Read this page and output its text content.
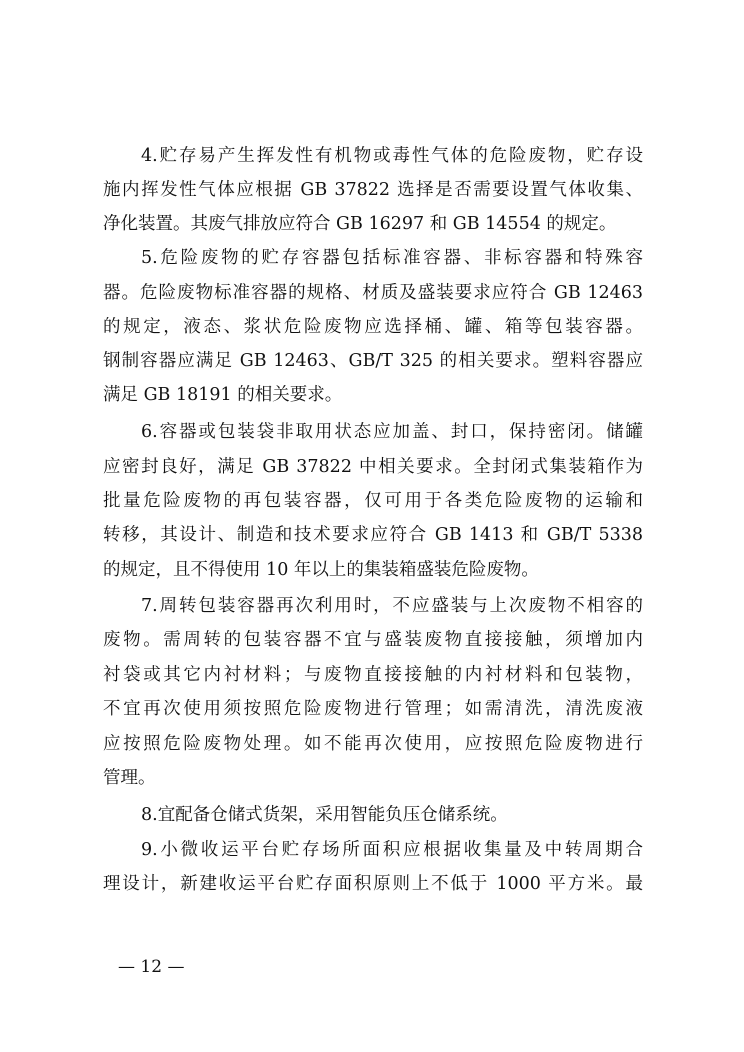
4.贮存易产生挥发性有机物或毒性气体的危险废物，贮存设
施内挥发性气体应根据 GB 37822 选择是否需要设置气体收集、
净化装置。其废气排放应符合 GB 16297 和 GB 14554 的规定。
5.危险废物的贮存容器包括标准容器、非标容器和特殊容
器。危险废物标准容器的规格、材质及盛装要求应符合 GB 12463
的规定，液态、浆状危险废物应选择桶、罐、箱等包装容器。
钢制容器应满足 GB 12463、GB/T 325 的相关要求。塑料容器应
满足 GB 18191 的相关要求。
6.容器或包装袋非取用状态应加盖、封口，保持密闭。储罐
应密封良好，满足 GB 37822 中相关要求。全封闭式集装箱作为
批量危险废物的再包装容器，仅可用于各类危险废物的运输和
转移，其设计、制造和技术要求应符合 GB 1413 和 GB/T 5338
的规定，且不得使用 10 年以上的集装箱盛装危险废物。
7.周转包装容器再次利用时，不应盛装与上次废物不相容的
废物。需周转的包装容器不宜与盛装废物直接接触，须增加内
衬袋或其它内衬材料；与废物直接接触的内衬材料和包装物，
不宜再次使用须按照危险废物进行管理；如需清洗，清洗废液
应按照危险废物处理。如不能再次使用，应按照危险废物进行
管理。
8.宜配备仓储式货架，采用智能负压仓储系统。
9.小微收运平台贮存场所面积应根据收集量及中转周期合
理设计，新建收运平台贮存面积原则上不低于 1000 平方米。最
— 12 —
